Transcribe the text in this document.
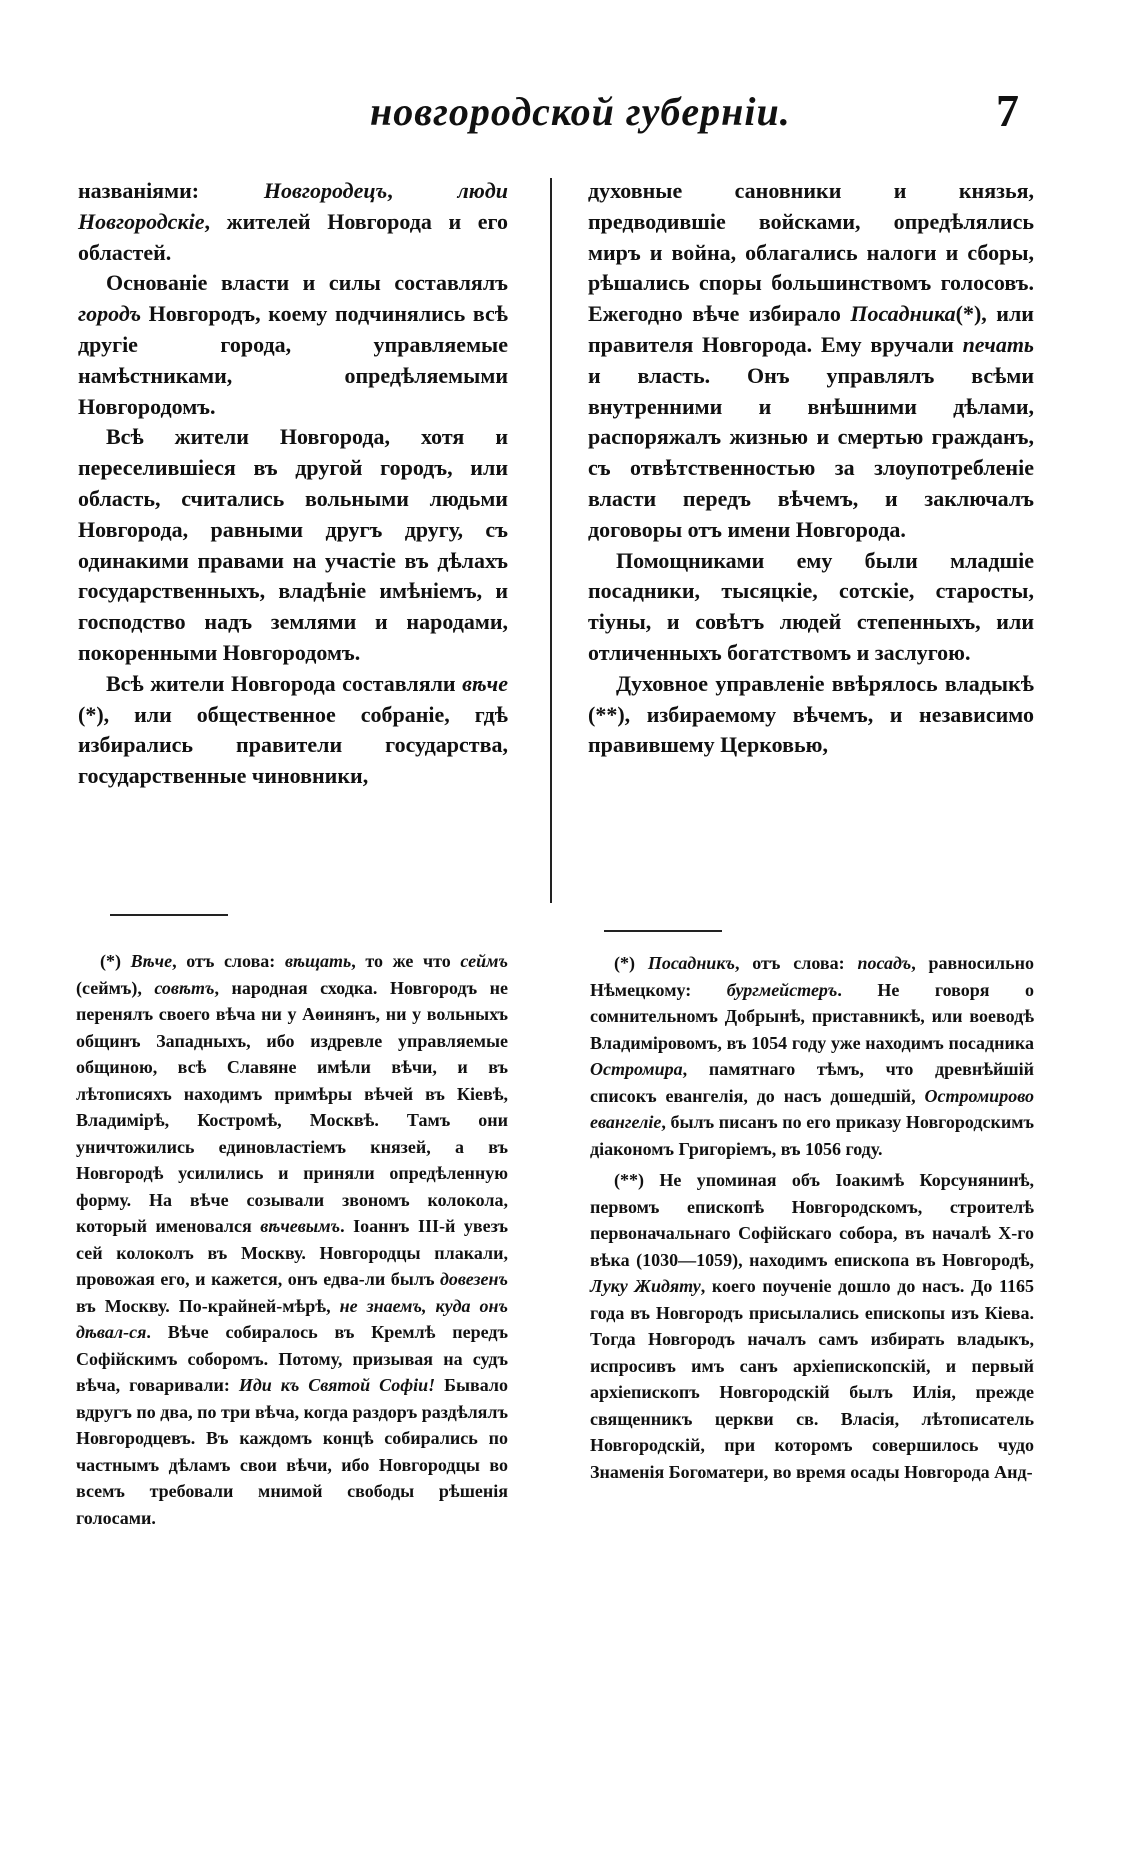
новгородской губерніи.	7

названіями: Новгородецъ, люди Новгородскіе, жителей Новгорода и его областей.

Основаніе власти и силы составлялъ городъ Новгородъ, коему подчинялись всѣ другіе города, управляемые намѣстниками, опредѣляемыми Новгородомъ.

Всѣ жители Новгорода, хотя и переселившіеся въ другой городъ, или область, считались вольными людьми Новгорода, равными другъ другу, съ одинакими правами на участіе въ дѣлахъ государственныхъ, владѣніе имѣніемъ, и господство надъ землями и народами, покоренными Новгородомъ.

Всѣ жители Новгорода составляли вѣче (*), или общественное собраніе, гдѣ избирались правители государства, государственные чиновники,

духовные сановники и князья, предводившіе войсками, опредѣлялись миръ и война, облагались налоги и сборы, рѣшались споры большинствомъ голосовъ. Ежегодно вѣче избирало Посадника(*), или правителя Новгорода. Ему вручали печать и власть. Онъ управлялъ всѣми внутренними и внѣшними дѣлами, распоряжалъ жизнью и смертью гражданъ, съ отвѣтственностью за злоупотребленіе власти передъ вѣчемъ, и заключалъ договоры отъ имени Новгорода.

Помощниками ему были младшіе посадники, тысяцкіе, сотскіе, старосты, тіуны, и совѣтъ людей степенныхъ, или отличенныхъ богатствомъ и заслугою.

Духовное управленіе ввѣрялось владыкѣ (**), избираемому вѣчемъ, и независимо правившему Церковью,

(*) Вѣче, отъ слова: вѣщать, то же что сеймъ (сеймъ), совѣтъ, народная сходка. Новгородъ не перенялъ своего вѣча ни у Аѳинянъ, ни у вольныхъ общинъ Западныхъ, ибо издревле управляемые общиною, всѣ Славяне имѣли вѣчи, и въ лѣтописяхъ находимъ примѣры вѣчей въ Кіевѣ, Владимірѣ, Костромѣ, Москвѣ. Тамъ они уничтожились единовластіемъ князей, а въ Новгородѣ усилились и приняли опредѣленную форму. На вѣче созывали звономъ колокола, который именовался вѣчевымъ. Іоаннъ III-й увезъ сей колоколъ въ Москву. Новгородцы плакали, провожая его, и кажется, онъ едва-ли былъ довезенъ въ Москву. По-крайней-мѣрѣ, не знаемъ, куда онъ дѣвал-ся. Вѣче собиралось въ Кремлѣ передъ Софійскимъ соборомъ. Потому, призывая на судъ вѣча, говаривали: Иди къ Святой Софіи! Бывало вдругъ по два, по три вѣча, когда раздоръ раздѣлялъ Новгородцевъ. Въ каждомъ концѣ собирались по частнымъ дѣламъ свои вѣчи, ибо Новгородцы во всемъ требовали мнимой свободы рѣшенія голосами.

(*) Посадникъ, отъ слова: посадъ, равносильно Нѣмецкому: бургмейстеръ. Не говоря о сомнительномъ Добрынѣ, приставникѣ, или воеводѣ Владиміровомъ, въ 1054 году уже находимъ посадника Остромира, памятнаго тѣмъ, что древнѣйшій списокъ евангелія, до насъ дошедшій, Остромирово евангеліе, былъ писанъ по его приказу Новгородскимъ діакономъ Григоріемъ, въ 1056 году.

(**) Не упоминая объ Іоакимѣ Корсунянинѣ, первомъ епископѣ Новгородскомъ, строителѣ первоначальнаго Софійскаго собора, въ началѣ X-го вѣка (1030—1059), находимъ епископа въ Новгородѣ, Луку Жидяту, коего поученіе дошло до насъ. До 1165 года въ Новгородъ присылались епископы изъ Кіева. Тогда Новгородъ началъ самъ избирать владыкъ, испросивъ имъ санъ архіепископскій, и первый архіепископъ Новгородскій былъ Илія, прежде священникъ церкви св. Власія, лѣтописатель Новгородскій, при которомъ совершилось чудо Знаменія Богоматери, во время осады Новгорода Анд-
